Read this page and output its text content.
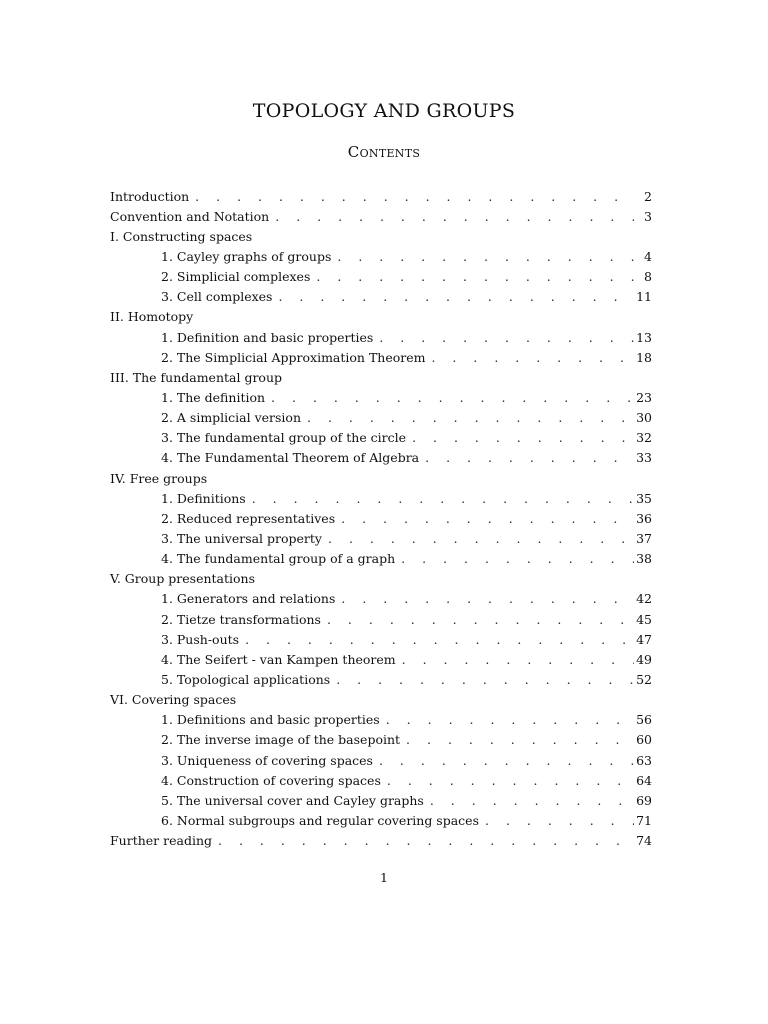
TOPOLOGY AND GROUPS
Contents
Introduction . . .	2
Convention and Notation . . .	3
I. Constructing spaces
1. Cayley graphs of groups . . .	4
2. Simplicial complexes . . .	8
3. Cell complexes . . .	11
II. Homotopy
1. Definition and basic properties . . .	13
2. The Simplicial Approximation Theorem . . .	18
III. The fundamental group
1. The definition . . .	23
2. A simplicial version . . .	30
3. The fundamental group of the circle . . .	32
4. The Fundamental Theorem of Algebra . . .	33
IV. Free groups
1. Definitions . . .	35
2. Reduced representatives . . .	36
3. The universal property . . .	37
4. The fundamental group of a graph . . .	38
V. Group presentations
1. Generators and relations . . .	42
2. Tietze transformations . . .	45
3. Push-outs . . .	47
4. The Seifert - van Kampen theorem . . .	49
5. Topological applications . . .	52
VI. Covering spaces
1. Definitions and basic properties . . .	56
2. The inverse image of the basepoint . . .	60
3. Uniqueness of covering spaces . . .	63
4. Construction of covering spaces . . .	64
5. The universal cover and Cayley graphs . . .	69
6. Normal subgroups and regular covering spaces . . .	71
Further reading . . .	74
1
